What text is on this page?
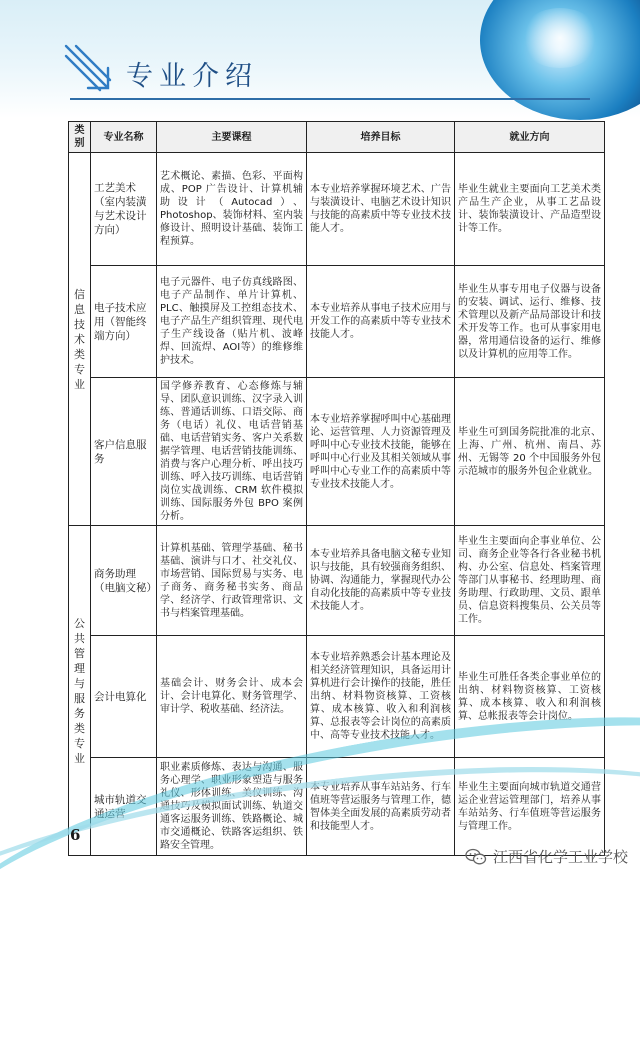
专业介绍
类别	专业名称	主要课程	培养目标	就业方向
信息技术类专业	工艺美术（室内装潢与艺术设计方向）	艺术概论、素描、色彩、平面构成、POP 广告设计、计算机辅助设计（Autocad）、Photoshop、装饰材料、室内装修设计、照明设计基础、装饰工程预算。	本专业培养掌握环境艺术、广告与装潢设计、电脑艺术设计知识与技能的高素质中等专业技术技能人才。	毕业生就业主要面向工艺美术类产品生产企业，从事工艺品设计、装饰装潢设计、产品造型设计等工作。
	电子技术应用（智能终端方向）	电子元器件、电子仿真线路图、电子产品制作、单片计算机、PLC、触摸屏及工控组态技术、电子产品生产组织管理、现代电子生产线设备（贴片机、波峰焊、回流焊、AOI等）的维修维护技术。	本专业培养从事电子技术应用与开发工作的高素质中等专业技术技能人才。	毕业生从事专用电子仪器与设备的安装、调试、运行、维修、技术管理以及新产品局部设计和技术开发等工作。也可从事家用电器，常用通信设备的运行、维修以及计算机的应用等工作。
	客户信息服务	国学修养教育、心态修炼与辅导、团队意识训练、汉字录入训练、普通话训练、口语交际、商务（电话）礼仪、电话营销基础、电话营销实务、客户关系数据学管理、电话营销技能训练、消费与客户心理分析、呼出技巧训练、呼入技巧训练、电话营销岗位实战训练、CRM 软件模拟训练、国际服务外包 BPO 案例分析。	本专业培养掌握呼叫中心基础理论、运营管理、人力资源管理及呼叫中心专业技术技能，能够在呼叫中心行业及其相关领域从事呼叫中心专业工作的高素质中等专业技术技能人才。	毕业生可到国务院批准的北京、上海、广州、杭州、南昌、苏州、无锡等 20 个中国服务外包示范城市的服务外包企业就业。
公共管理与服务类专业	商务助理（电脑文秘）	计算机基础、管理学基础、秘书基础、演讲与口才、社交礼仪、市场营销、国际贸易与实务、电子商务、商务秘书实务、商品学、经济学、行政管理常识、文书与档案管理基础。	本专业培养具备电脑文秘专业知识与技能，具有较强商务组织、协调、沟通能力，掌握现代办公自动化技能的高素质中等专业技术技能人才。	毕业生主要面向企事业单位、公司、商务企业等各行各业秘书机构、办公室、信息处、档案管理等部门从事秘书、经理助理、商务助理、行政助理、文员、跟单员、信息资料搜集员、公关员等工作。
	会计电算化	基础会计、财务会计、成本会计、会计电算化、财务管理学、审计学、税收基础、经济法。	本专业培养熟悉会计基本理论及相关经济管理知识，具备运用计算机进行会计操作的技能，胜任出纳、材料物资核算、工资核算、成本核算、收入和利润核算、总报表等会计岗位的高素质中、高等专业技术技能人才。	毕业生可胜任各类企事业单位的出纳、材料物资核算、工资核算、成本核算、收入和利润核算、总帐报表等会计岗位。
	城市轨道交通运营	职业素质修炼、表达与沟通、服务心理学、职业形象塑造与服务礼仪、形体训练、美仪训练、沟通技巧及模拟面试训练、轨道交通客运服务训练、铁路概论、城市交通概论、铁路客运组织、铁路安全管理。	本专业培养从事车站站务、行车值班等营运服务与管理工作，德智体美全面发展的高素质劳动者和技能型人才。	毕业生主要面向城市轨道交通营运企业营运管理部门，培养从事车站站务、行车值班等营运服务与管理工作。
6
江西省化学工业学校
